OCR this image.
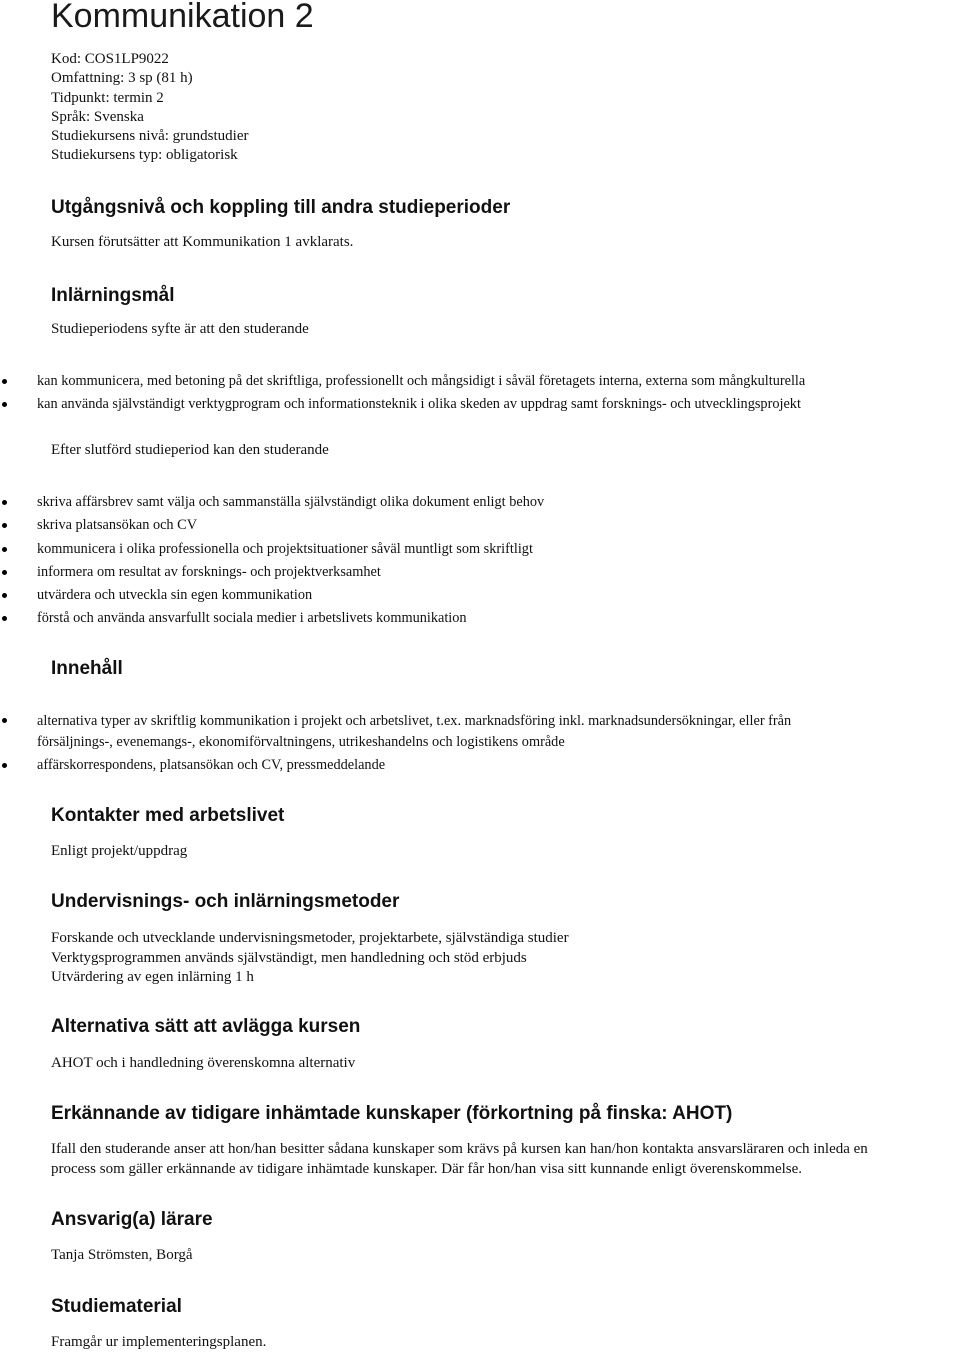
Kommunikation 2
Kod: COS1LP9022
Omfattning: 3 sp (81 h)
Tidpunkt: termin 2
Språk: Svenska
Studiekursens nivå: grundstudier
Studiekursens typ: obligatorisk
Utgångsnivå och koppling till andra studieperioder

Kursen förutsätter att Kommunikation 1 avklarats.

Inlärningsmål

Studieperiodens syfte är att den studerande

kan kommunicera, med betoning på det skriftliga, professionellt och mångsidigt i såväl företagets interna, externa som mångkulturella
kan använda självständigt verktygprogram och informationsteknik i olika skeden av uppdrag samt forsknings- och utvecklingsprojekt

Efter slutförd studieperiod kan den studerande

skriva affärsbrev samt välja och sammanställa självständigt olika dokument enligt behov
skriva platsansökan och CV
kommunicera i olika professionella och projektsituationer såväl muntligt som skriftligt
informera om resultat av forsknings- och projektverksamhet
utvärdera och utveckla sin egen kommunikation
förstå och använda ansvarfullt sociala medier i arbetslivets kommunikation
Innehåll
alternativa typer av skriftlig kommunikation i projekt och arbetslivet, t.ex. marknadsföring inkl. marknadsundersökningar, eller från
försäljnings-, evenemangs-, ekonomiförvaltningens, utrikeshandelns och logistikens område
affärskorrespondens, platsansökan och CV, pressmeddelande
Kontakter med arbetslivet

Enligt projekt/uppdrag

Undervisnings- och inlärningsmetoder
Forskande och utvecklande undervisningsmetoder, projektarbete, självständiga studier
Verktygsprogrammen används självständigt, men handledning och stöd erbjuds
Utvärdering av egen inlärning 1 h
Alternativa sätt att avlägga kursen

AHOT och i handledning överenskomna alternativ

Erkännande av tidigare inhämtade kunskaper (förkortning på finska: AHOT)
Ifall den studerande anser att hon/han besitter sådana kunskaper som krävs på kursen kan han/hon kontakta ansvarsläraren och inleda en
process som gäller erkännande av tidigare inhämtade kunskaper. Där får hon/han visa sitt kunnande enligt överenskommelse.
Ansvarig(a) lärare

Tanja Strömsten, Borgå

Studiematerial

Framgår ur implementeringsplanen.
